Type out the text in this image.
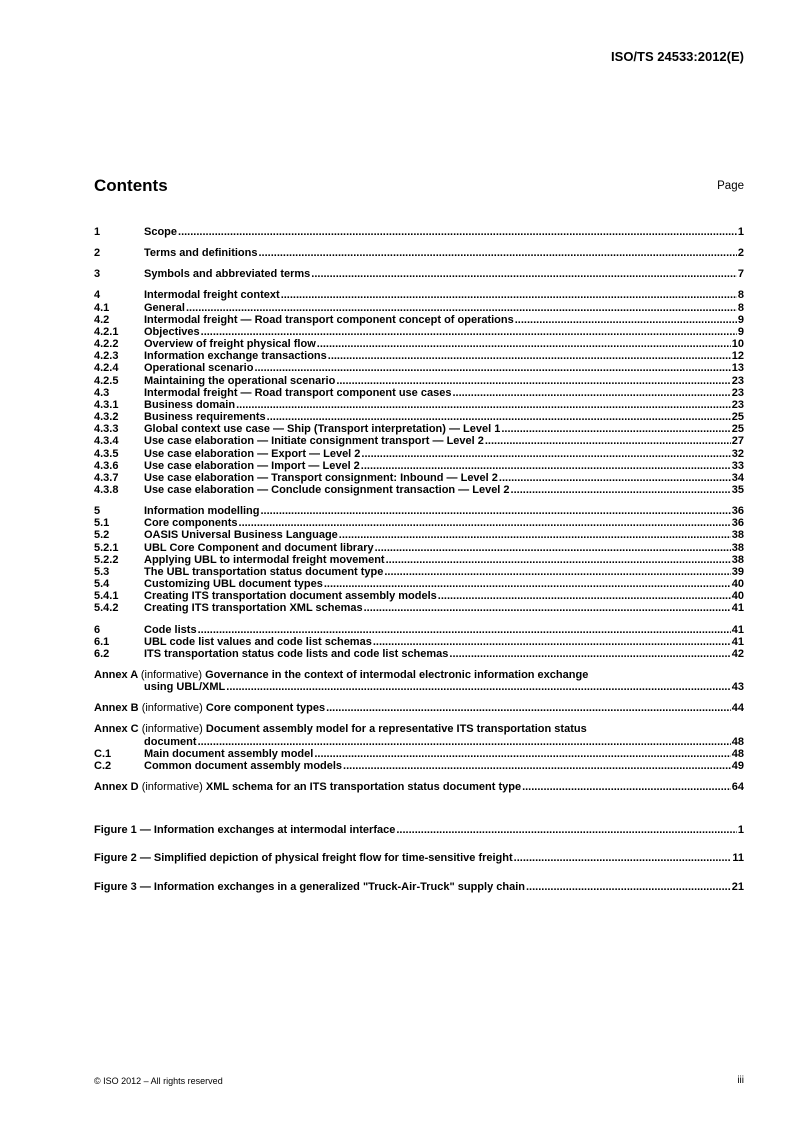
ISO/TS 24533:2012(E)
Contents	Page
1	Scope .....	1
2	Terms and definitions .....	2
3	Symbols and abbreviated terms .....	7
4	Intermodal freight context .....	8
4.1	General .....	8
4.2	Intermodal freight — Road transport component concept of operations .....	9
4.2.1	Objectives .....	9
4.2.2	Overview of freight physical flow .....	10
4.2.3	Information exchange transactions .....	12
4.2.4	Operational scenario .....	13
4.2.5	Maintaining the operational scenario .....	23
4.3	Intermodal freight — Road transport component use cases .....	23
4.3.1	Business domain .....	23
4.3.2	Business requirements .....	25
4.3.3	Global context use case — Ship (Transport interpretation) — Level 1 .....	25
4.3.4	Use case elaboration — Initiate consignment transport — Level 2 .....	27
4.3.5	Use case elaboration — Export — Level 2 .....	32
4.3.6	Use case elaboration — Import — Level 2 .....	33
4.3.7	Use case elaboration — Transport consignment: Inbound — Level 2 .....	34
4.3.8	Use case elaboration — Conclude consignment transaction — Level 2 .....	35
5	Information modelling .....	36
5.1	Core components .....	36
5.2	OASIS Universal Business Language .....	38
5.2.1	UBL Core Component and document library .....	38
5.2.2	Applying UBL to intermodal freight movement .....	38
5.3	The UBL transportation status document type .....	39
5.4	Customizing UBL document types .....	40
5.4.1	Creating ITS transportation document assembly models .....	40
5.4.2	Creating ITS transportation XML schemas .....	41
6	Code lists .....	41
6.1	UBL code list values and code list schemas .....	41
6.2	ITS transportation status code lists and code list schemas .....	42
Annex A (informative) Governance in the context of intermodal electronic information exchange
using UBL/XML .....	43
Annex B (informative) Core component types .....	44
Annex C (informative) Document assembly model for a representative ITS transportation status
document .....	48
C.1	Main document assembly model .....	48
C.2	Common document assembly models .....	49
Annex D (informative) XML schema for an ITS transportation status document type .....	64
Figure 1 — Information exchanges at intermodal interface .....	1
Figure 2 — Simplified depiction of physical freight flow for time-sensitive freight .....	11
Figure 3 — Information exchanges in a generalized "Truck-Air-Truck" supply chain .....	21
© ISO 2012 – All rights reserved	iii
